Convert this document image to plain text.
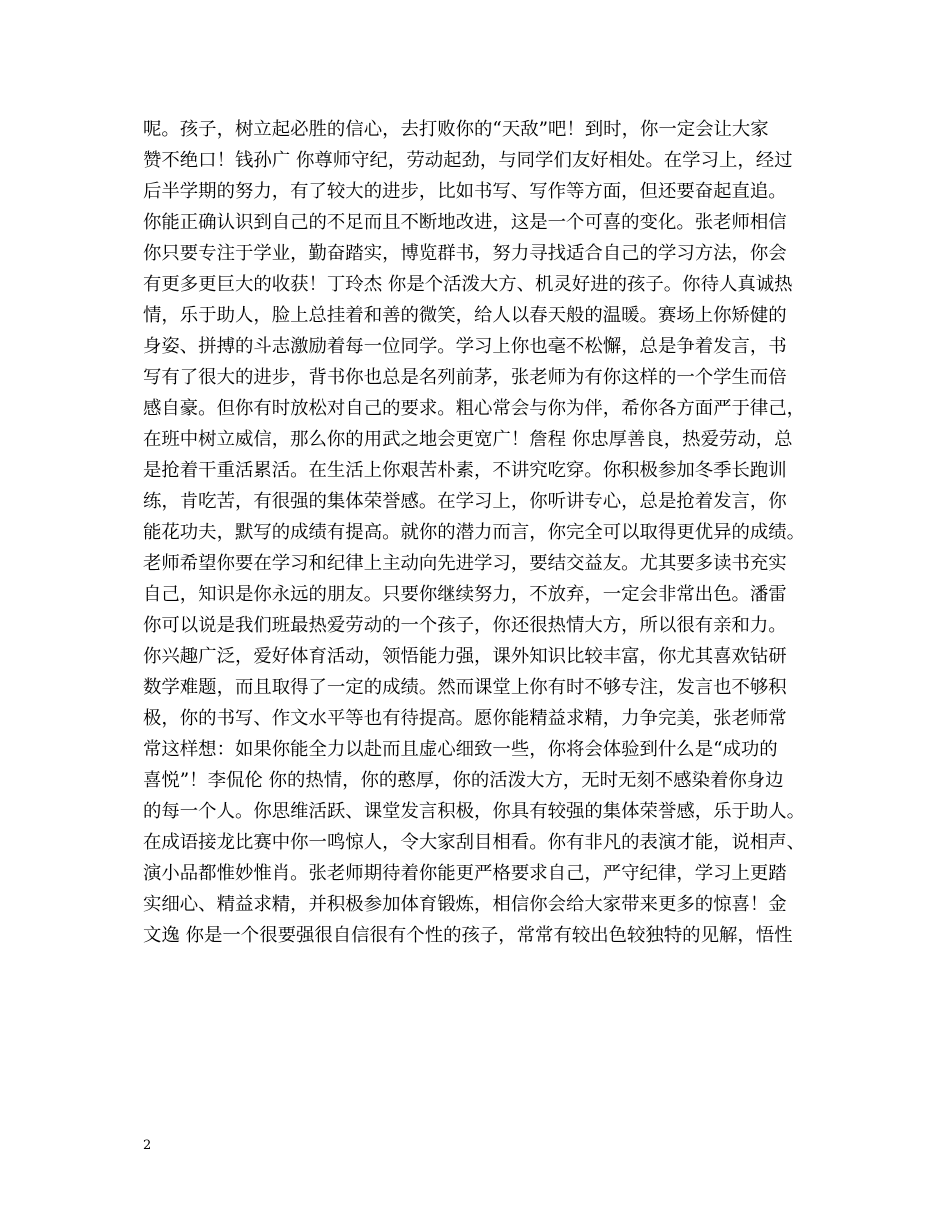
呢。孩子，树立起必胜的信心，去打败你的“天敌”吧！到时，你一定会让大家
赞不绝口！钱孙广 你尊师守纪，劳动起劲，与同学们友好相处。在学习上，经过
后半学期的努力，有了较大的进步，比如书写、写作等方面，但还要奋起直追。
你能正确认识到自己的不足而且不断地改进，这是一个可喜的变化。张老师相信
你只要专注于学业，勤奋踏实，博览群书，努力寻找适合自己的学习方法，你会
有更多更巨大的收获！丁玲杰 你是个活泼大方、机灵好进的孩子。你待人真诚热
情，乐于助人，脸上总挂着和善的微笑，给人以春天般的温暖。赛场上你矫健的
身姿、拼搏的斗志激励着每一位同学。学习上你也毫不松懈，总是争着发言，书
写有了很大的进步，背书你也总是名列前茅，张老师为有你这样的一个学生而倍
感自豪。但你有时放松对自己的要求。粗心常会与你为伴，希你各方面严于律己，
在班中树立威信，那么你的用武之地会更宽广！詹程 你忠厚善良，热爱劳动，总
是抢着干重活累活。在生活上你艰苦朴素，不讲究吃穿。你积极参加冬季长跑训
练，肯吃苦，有很强的集体荣誉感。在学习上，你听讲专心，总是抢着发言，你
能花功夫，默写的成绩有提高。就你的潜力而言，你完全可以取得更优异的成绩。
老师希望你要在学习和纪律上主动向先进学习，要结交益友。尤其要多读书充实
自己，知识是你永远的朋友。只要你继续努力，不放弃，一定会非常出色。潘雷
你可以说是我们班最热爱劳动的一个孩子，你还很热情大方，所以很有亲和力。
你兴趣广泛，爱好体育活动，领悟能力强，课外知识比较丰富，你尤其喜欢钻研
数学难题，而且取得了一定的成绩。然而课堂上你有时不够专注，发言也不够积
极，你的书写、作文水平等也有待提高。愿你能精益求精，力争完美，张老师常
常这样想：如果你能全力以赴而且虚心细致一些，你将会体验到什么是“成功的
喜悦”！李侃伦 你的热情，你的憨厚，你的活泼大方，无时无刻不感染着你身边
的每一个人。你思维活跃、课堂发言积极，你具有较强的集体荣誉感，乐于助人。
在成语接龙比赛中你一鸣惊人，令大家刮目相看。你有非凡的表演才能，说相声、
演小品都惟妙惟肖。张老师期待着你能更严格要求自己，严守纪律，学习上更踏
实细心、精益求精，并积极参加体育锻炼，相信你会给大家带来更多的惊喜！金
文逸 你是一个很要强很自信很有个性的孩子，常常有较出色较独特的见解，悟性
2
